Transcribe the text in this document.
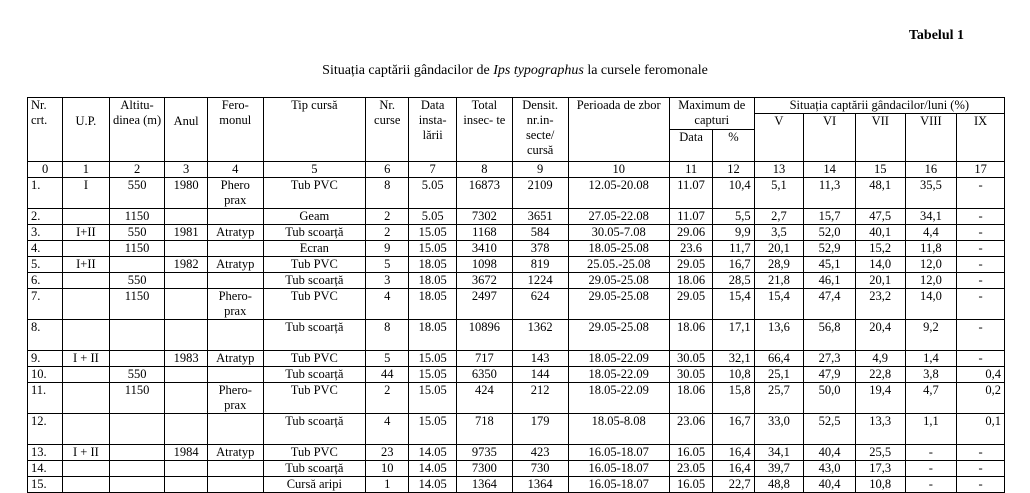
Tabelul 1
Situația captării gândacilor de Ips typographus la cursele feromonale
Nr. crt.	U.P.	Altitu- dinea (m)	Anul	Fero- monul	Tip cursă	Nr. curse	Data insta- lării	Total insec- te	Densit. nr.in- secte/ cursă	Perioada de zbor	Maximum de capturi		Situația captării gândacilor/luni (%)				
													V	VI	VII	VIII	IX
											Data	%					

0	1	2	3	4	5	6	7	8	9	10	11	12	13	14	15	16	17
1.	I	550	1980	Phero prax	Tub PVC	8	5.05	16873	2109	12.05-20.08	11.07	10,4	5,1	11,3	48,1	35,5	-
2.		1150			Geam	2	5.05	7302	3651	27.05-22.08	11.07	5,5	2,7	15,7	47,5	34,1	-
3.	I+II	550	1981	Atratyp	Tub scoarță	2	15.05	1168	584	30.05-7.08	29.06	9,9	3,5	52,0	40,1	4,4	-
4.		1150			Ecran	9	15.05	3410	378	18.05-25.08	23.6	11,7	20,1	52,9	15,2	11,8	-
5.	I+II		1982	Atratyp	Tub PVC	5	18.05	1098	819	25.05.-25.08	29.05	16,7	28,9	45,1	14,0	12,0	-
6.		550			Tub scoarță	3	18.05	3672	1224	29.05-25.08	18.06	28,5	21,8	46,1	20,1	12,0	-
7.		1150		Phero- prax	Tub PVC	4	18.05	2497	624	29.05-25.08	29.05	15,4	15,4	47,4	23,2	14,0	-
8.					Tub scoarță	8	18.05	10896	1362	29.05-25.08	18.06	17,1	13,6	56,8	20,4	9,2	-
9.	I + II		1983	Atratyp	Tub PVC	5	15.05	717	143	18.05-22.09	30.05	32,1	66,4	27,3	4,9	1,4	-
10.		550			Tub scoarță	44	15.05	6350	144	18.05-22.09	30.05	10,8	25,1	47,9	22,8	3,8	0,4
11.		1150		Phero- prax	Tub PVC	2	15.05	424	212	18.05-22.09	18.06	15,8	25,7	50,0	19,4	4,7	0,2
12.					Tub scoarță	4	15.05	718	179	18.05-8.08	23.06	16,7	33,0	52,5	13,3	1,1	0,1
13.	I + II		1984	Atratyp	Tub PVC	23	14.05	9735	423	16.05-18.07	16.05	16,4	34,1	40,4	25,5	-	-
14.					Tub scoarță	10	14.05	7300	730	16.05-18.07	23.05	16,4	39,7	43,0	17,3	-	-
15.					Cursă aripi	1	14.05	1364	1364	16.05-18.07	16.05	22,7	48,8	40,4	10,8	-	-
